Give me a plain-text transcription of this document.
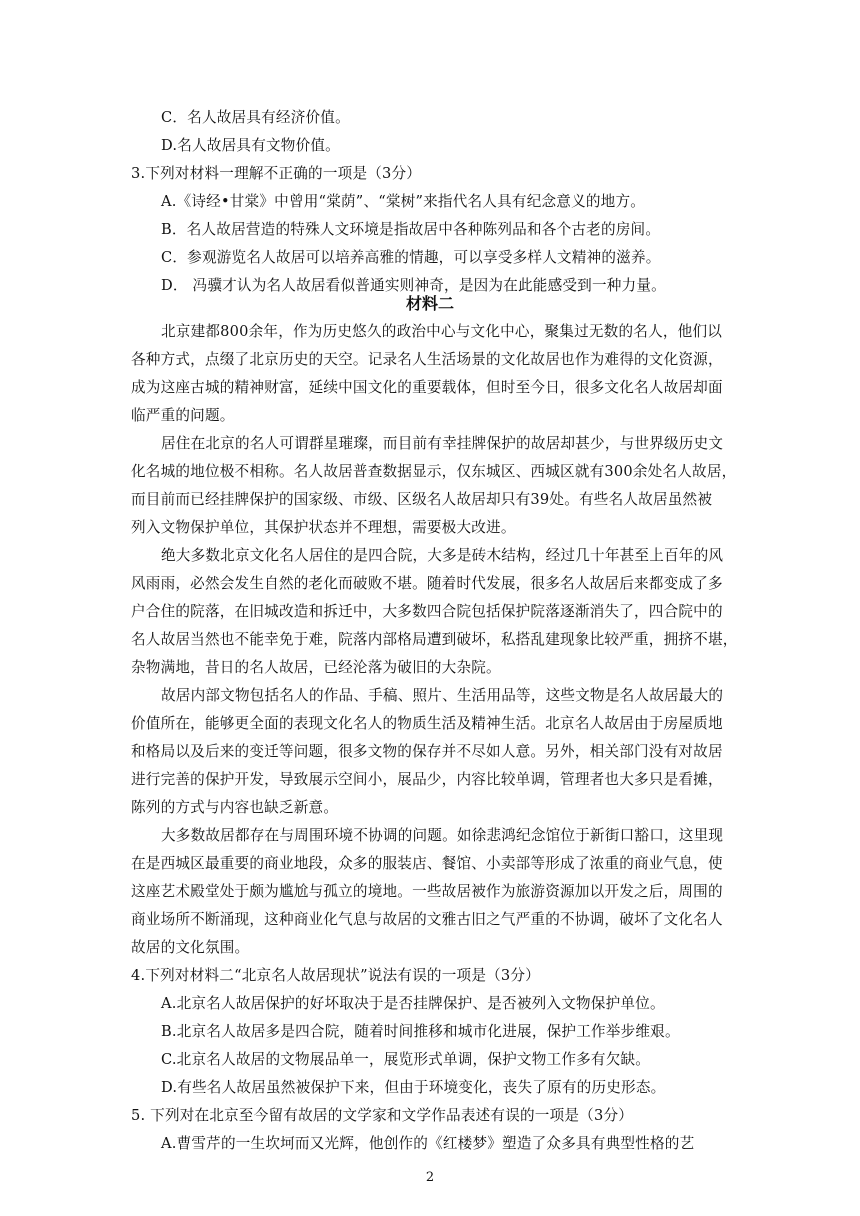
C．名人故居具有经济价值。
D.名人故居具有文物价值。
3.下列对材料一理解不正确的一项是（3分）
A.《诗经•甘棠》中曾用“棠荫”、“棠树”来指代名人具有纪念意义的地方。
B．名人故居营造的特殊人文环境是指故居中各种陈列品和各个古老的房间。
C．参观游览名人故居可以培养高雅的情趣，可以享受多样人文精神的滋养。
D． 冯骥才认为名人故居看似普通实则神奇，是因为在此能感受到一种力量。
材料二
北京建都800余年，作为历史悠久的政治中心与文化中心，聚集过无数的名人，他们以
各种方式，点缀了北京历史的天空。记录名人生活场景的文化故居也作为难得的文化资源，
成为这座古城的精神财富，延续中国文化的重要载体，但时至今日，很多文化名人故居却面
临严重的问题。
居住在北京的名人可谓群星璀璨，而目前有幸挂牌保护的故居却甚少，与世界级历史文
化名城的地位极不相称。名人故居普查数据显示，仅东城区、西城区就有300余处名人故居，
而目前而已经挂牌保护的国家级、市级、区级名人故居却只有39处。有些名人故居虽然被
列入文物保护单位，其保护状态并不理想，需要极大改进。
绝大多数北京文化名人居住的是四合院，大多是砖木结构，经过几十年甚至上百年的风
风雨雨，必然会发生自然的老化而破败不堪。随着时代发展，很多名人故居后来都变成了多
户合住的院落，在旧城改造和拆迁中，大多数四合院包括保护院落逐渐消失了，四合院中的
名人故居当然也不能幸免于难，院落内部格局遭到破坏，私搭乱建现象比较严重，拥挤不堪，
杂物满地，昔日的名人故居，已经沦落为破旧的大杂院。
故居内部文物包括名人的作品、手稿、照片、生活用品等，这些文物是名人故居最大的
价值所在，能够更全面的表现文化名人的物质生活及精神生活。北京名人故居由于房屋质地
和格局以及后来的变迁等问题，很多文物的保存并不尽如人意。另外，相关部门没有对故居
进行完善的保护开发，导致展示空间小，展品少，内容比较单调，管理者也大多只是看摊，
陈列的方式与内容也缺乏新意。
大多数故居都存在与周围环境不协调的问题。如徐悲鸿纪念馆位于新街口豁口，这里现
在是西城区最重要的商业地段，众多的服装店、餐馆、小卖部等形成了浓重的商业气息，使
这座艺术殿堂处于颇为尴尬与孤立的境地。一些故居被作为旅游资源加以开发之后，周围的
商业场所不断涌现，这种商业化气息与故居的文雅古旧之气严重的不协调，破坏了文化名人
故居的文化氛围。
4.下列对材料二“北京名人故居现状”说法有误的一项是（3分）
A.北京名人故居保护的好坏取决于是否挂牌保护、是否被列入文物保护单位。
B.北京名人故居多是四合院，随着时间推移和城市化进展，保护工作举步维艰。
C.北京名人故居的文物展品单一，展览形式单调，保护文物工作多有欠缺。
D.有些名人故居虽然被保护下来，但由于环境变化，丧失了原有的历史形态。
5. 下列对在北京至今留有故居的文学家和文学作品表述有误的一项是（3分）
A.曹雪芹的一生坎坷而又光辉，他创作的《红楼梦》塑造了众多具有典型性格的艺
2
